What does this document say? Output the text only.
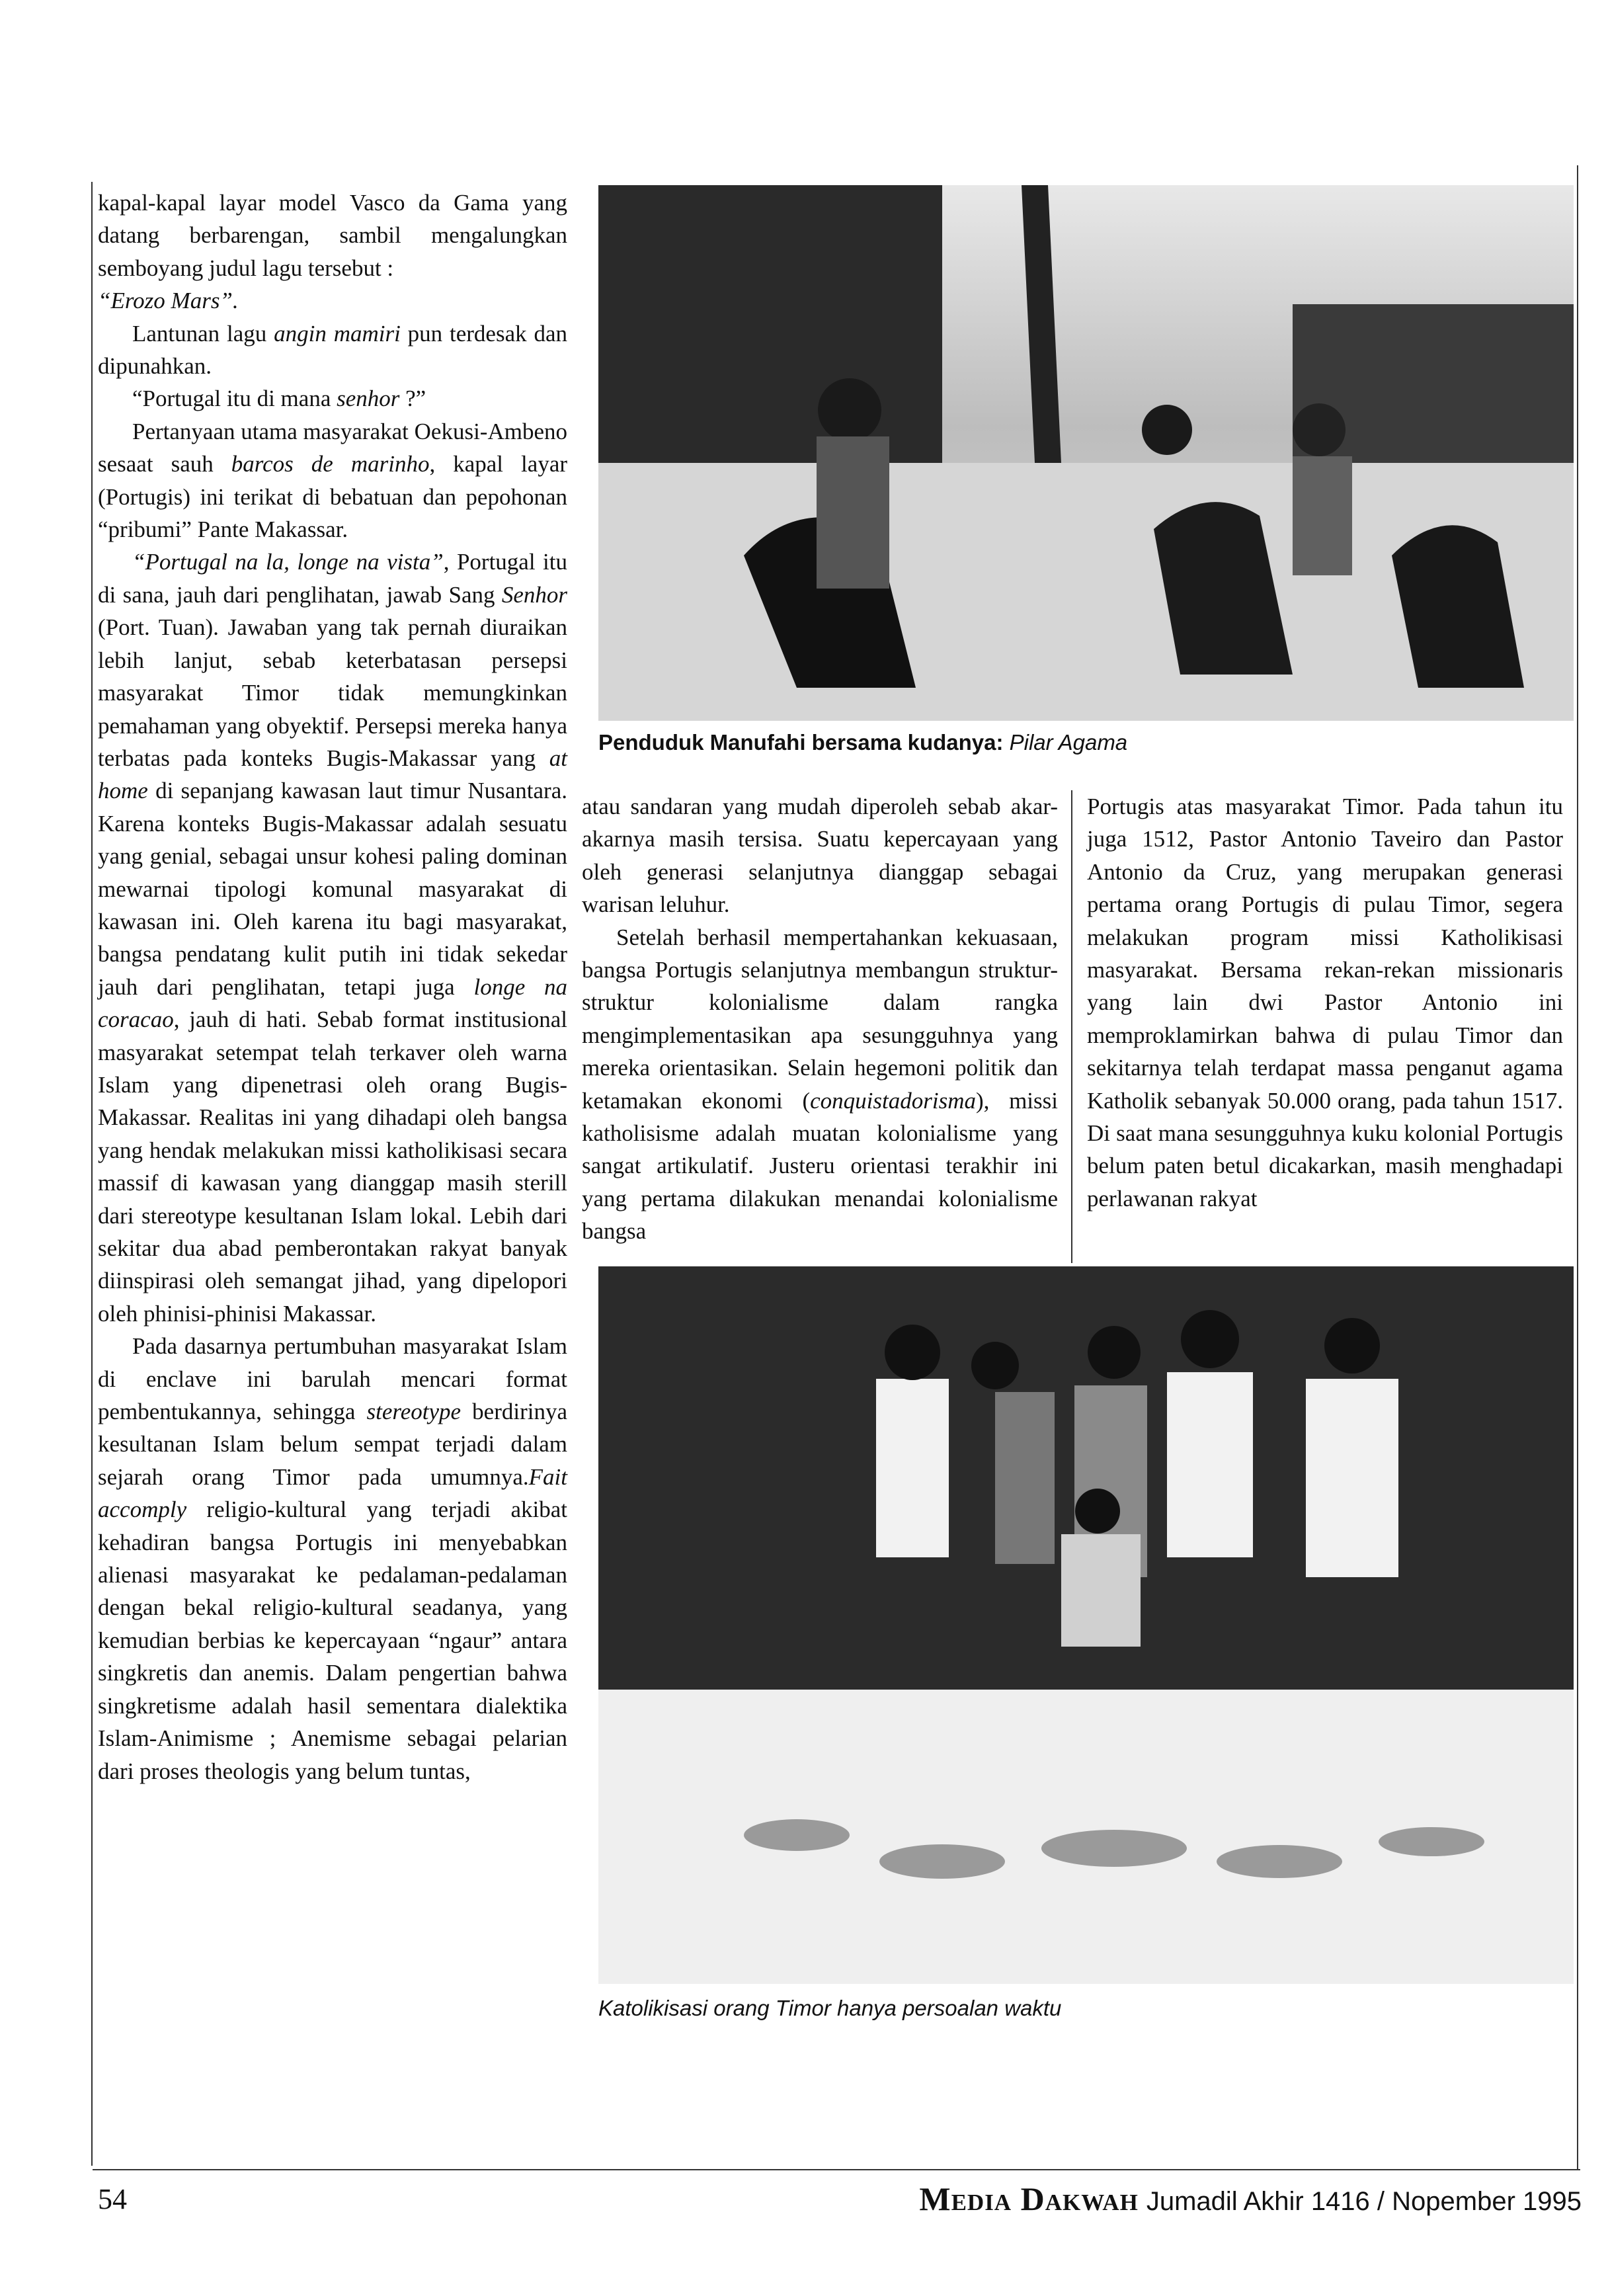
kapal-kapal layar model Vasco da Gama yang datang berbarengan, sambil mengalungkan semboyang judul lagu tersebut :
“Erozo Mars”.

Lantunan lagu angin mamiri pun terdesak dan dipunahkan.

“Portugal itu di mana senhor ?”

Pertanyaan utama masyarakat Oekusi-Ambeno sesaat sauh barcos de marinho, kapal layar (Portugis) ini terikat di bebatuan dan pepohonan “pribumi” Pante Makassar.

“Portugal na la, longe na vista”, Portugal itu di sana, jauh dari penglihatan, jawab Sang Senhor (Port. Tuan). Jawaban yang tak pernah diuraikan lebih lanjut, sebab keterbatasan persepsi masyarakat Timor tidak memungkinkan pemahaman yang obyektif. Persepsi mereka hanya terbatas pada konteks Bugis-Makassar yang at home di sepanjang kawasan laut timur Nusantara. Karena konteks Bugis-Makassar adalah sesuatu yang genial, sebagai unsur kohesi paling dominan mewarnai tipologi komunal masyarakat di kawasan ini. Oleh karena itu bagi masyarakat, bangsa pendatang kulit putih ini tidak sekedar jauh dari penglihatan, tetapi juga longe na coracao, jauh di hati. Sebab format institusional masyarakat setempat telah terkaver oleh warna Islam yang dipenetrasi oleh orang Bugis-Makassar. Realitas ini yang dihadapi oleh bangsa yang hendak melakukan missi katholikisasi secara massif di kawasan yang dianggap masih sterill dari stereotype kesultanan Islam lokal. Lebih dari sekitar dua abad pemberontakan rakyat banyak diinspirasi oleh semangat jihad, yang dipelopori oleh phinisi-phinisi Makassar.

Pada dasarnya pertumbuhan masyarakat Islam di enclave ini barulah mencari format pembentukannya, sehingga stereotype berdirinya kesultanan Islam belum sempat terjadi dalam sejarah orang Timor pada umumnya.Fait accomply religio-kultural yang terjadi akibat kehadiran bangsa Portugis ini menyebabkan alienasi masyarakat ke pedalaman-pedalaman dengan bekal religio-kultural seadanya, yang kemudian berbias ke kepercayaan “ngaur” antara singkretis dan anemis. Dalam pengertian bahwa singkretisme adalah hasil sementara dialektika Islam-Animisme ; Anemisme sebagai pelarian dari proses theologis yang belum tuntas,

Penduduk Manufahi bersama kudanya: Pilar Agama

atau sandaran yang mudah diperoleh sebab akar-akarnya masih tersisa. Suatu kepercayaan yang oleh generasi selanjutnya dianggap sebagai warisan leluhur.

Setelah berhasil mempertahankan kekuasaan, bangsa Portugis selanjutnya membangun struktur-struktur kolonialisme dalam rangka mengimplementasikan apa sesungguhnya yang mereka orientasikan. Selain hegemoni politik dan ketamakan ekonomi (conquistadorisma), missi katholisisme adalah muatan kolonialisme yang sangat artikulatif. Justeru orientasi terakhir ini yang pertama dilakukan menandai kolonialisme bangsa

Portugis atas masyarakat Timor. Pada tahun itu juga 1512, Pastor Antonio Taveiro dan Pastor Antonio da Cruz, yang merupakan generasi pertama orang Portugis di pulau Timor, segera melakukan program missi Katholikisasi masyarakat. Bersama rekan-rekan missionaris yang lain dwi Pastor Antonio ini memproklamirkan bahwa di pulau Timor dan sekitarnya telah terdapat massa penganut agama Katholik sebanyak 50.000 orang, pada tahun 1517. Di saat mana sesungguhnya kuku kolonial Portugis belum paten betul dicakarkan, masih menghadapi perlawanan rakyat

Katolikisasi orang Timor hanya persoalan waktu
54	Media Dakwah Jumadil Akhir 1416 / Nopember 1995
